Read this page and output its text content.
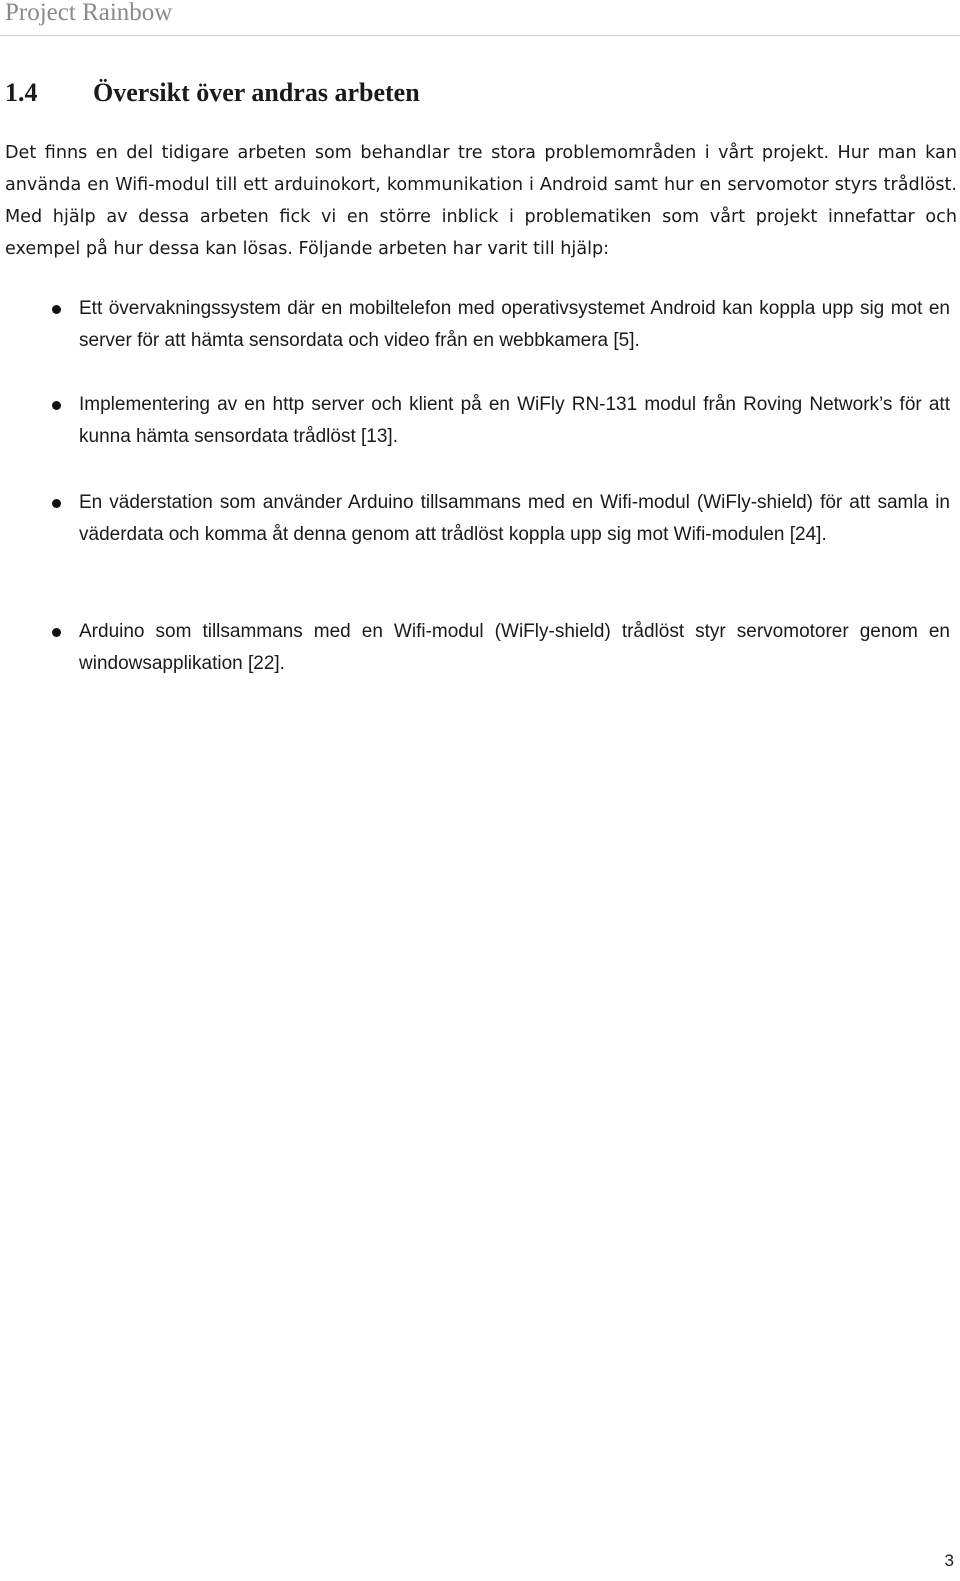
Project Rainbow
1.4 Översikt över andras arbeten

Det finns en del tidigare arbeten som behandlar tre stora problemområden i vårt projekt. Hur man kan använda en Wifi-modul till ett arduinokort, kommunikation i Android samt hur en servomotor styrs trådlöst. Med hjälp av dessa arbeten fick vi en större inblick i problematiken som vårt projekt innefattar och exempel på hur dessa kan lösas. Följande arbeten har varit till hjälp:

Ett övervakningssystem där en mobiltelefon med operativsystemet Android kan koppla upp sig mot en server för att hämta sensordata och video från en webbkamera [5].

Implementering av en http server och klient på en WiFly RN-131 modul från Roving Network’s för att kunna hämta sensordata trådlöst [13].

En väderstation som använder Arduino tillsammans med en Wifi-modul (WiFly-shield) för att samla in väderdata och komma åt denna genom att trådlöst koppla upp sig mot Wifi-modulen [24].

Arduino som tillsammans med en Wifi-modul (WiFly-shield) trådlöst styr servomotorer genom en windowsapplikation [22].

3
